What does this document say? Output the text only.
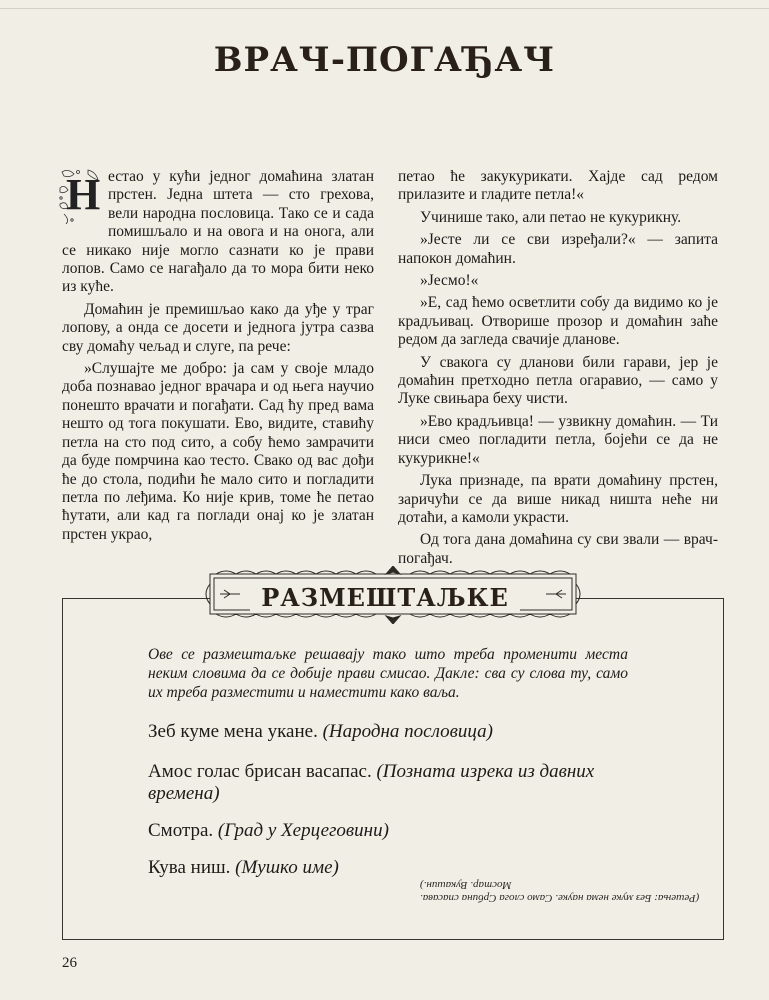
ВРАЧ-ПОГАЂАЧ

Н естао у кући једног домаћина златан прстен. Једна штета — сто греховa, вели народна пословица. Тако се и сада помишљало и на овога и на онога, али се никако није могло сазнати ко је прави лопов. Само се нагађало да то мора бити неко из куће.

Домаћин је премишљао како да уђе у траг лопову, а онда се досети и једнога јутра сазва сву домаћу чељад и слуге, па рече:

»Слушајте ме добро: ја сам у своје младо доба познавао једног врачара и од њега научио понешто врачати и погађати. Сад ћу пред вама нешто од тога покушати. Ево, видите, ставићу петла на сто под сито, а собу ћемо замрачити да буде помрчина као тесто. Свако од вас дођи ће до стола, подићи ће мало сито и погладити петла по леђима. Ко није крив, томе ће петао ћутати, али кад га поглади онај ко је златан прстен украо,

петао ће закукурикати. Хајде сад редом прилазите и гладите петла!«

Учинише тако, али петао не кукурикну.

»Јесте ли се сви изређали?« — запита напокон домаћин.

»Јесмо!«

»Е, сад ћемо осветлити собу да видимо ко је крадљивац. Отворише прозор и домаћин заће редом да загледа свачије дланове.

У свакога су дланови били гарави, јер је домаћин претходно петла огаравио, — само у Луке свињара беху чисти.

»Ево крадљивца! — узвикну домаћин. — Ти ниси смео погладити петла, бојећи се да не кукурикне!«

Лука признаде, па врати домаћину прстен, заричући се да више никад ништа неће ни дотаћи, а камоли украсти.

Од тога дана домаћина су сви звали — врач-погађач.

РАЗМЕШТАЉКЕ
Ове се размештаљке решавају тако што треба променити места неким словима да се добије прави смисао. Дакле: сва су слова ту, само их треба разместити и наместити како ваља.
Зеб куме мена укане. (Народна пословица)
Амос голас брисан васапас. (Позната изрека из давних времена)
Смотра. (Град у Херцеговини)
Кува ниш. (Мушко име)
(Решења: Без муке нема науке. Само слога Србина спасава. Мостар. Вукашин.)
26
